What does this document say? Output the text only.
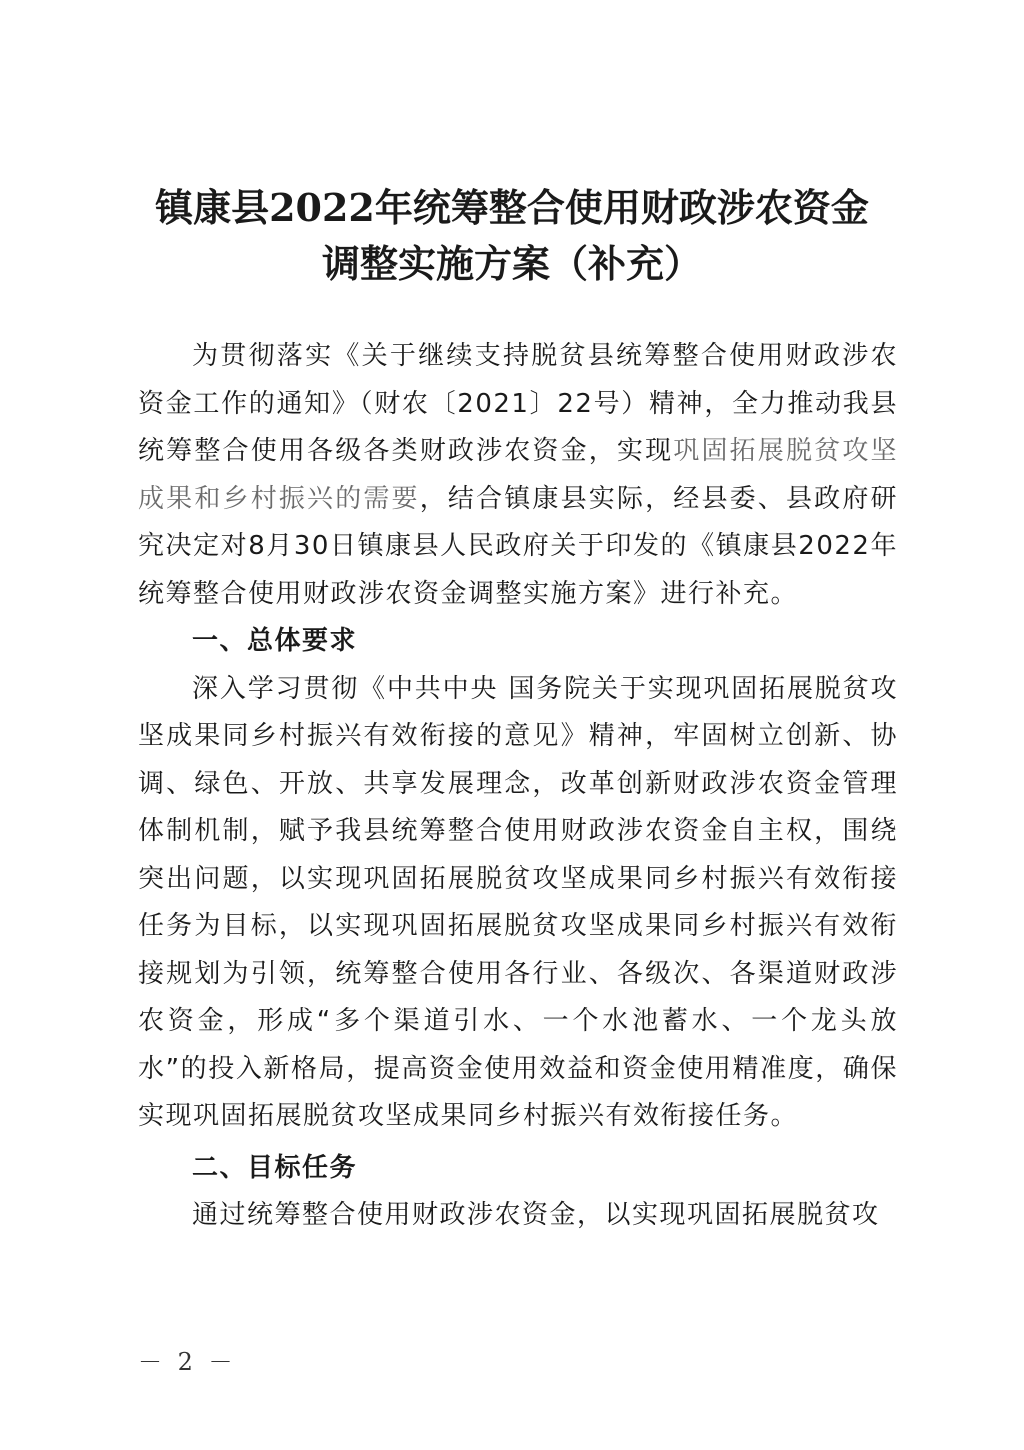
镇康县2022年统筹整合使用财政涉农资金
调整实施方案（补充）

为贯彻落实《关于继续支持脱贫县统筹整合使用财政涉农资金工作的通知》（财农〔2021〕22号）精神，全力推动我县统筹整合使用各级各类财政涉农资金，实现巩固拓展脱贫攻坚成果和乡村振兴的需要，结合镇康县实际，经县委、县政府研究决定对8月30日镇康县人民政府关于印发的《镇康县2022年统筹整合使用财政涉农资金调整实施方案》进行补充。

一、总体要求

深入学习贯彻《中共中央 国务院关于实现巩固拓展脱贫攻坚成果同乡村振兴有效衔接的意见》精神，牢固树立创新、协调、绿色、开放、共享发展理念，改革创新财政涉农资金管理体制机制，赋予我县统筹整合使用财政涉农资金自主权，围绕突出问题，以实现巩固拓展脱贫攻坚成果同乡村振兴有效衔接任务为目标，以实现巩固拓展脱贫攻坚成果同乡村振兴有效衔接规划为引领，统筹整合使用各行业、各级次、各渠道财政涉农资金，形成“多个渠道引水、一个水池蓄水、一个龙头放水”的投入新格局，提高资金使用效益和资金使用精准度，确保实现巩固拓展脱贫攻坚成果同乡村振兴有效衔接任务。

二、目标任务

通过统筹整合使用财政涉农资金，以实现巩固拓展脱贫攻

－ 2 －
